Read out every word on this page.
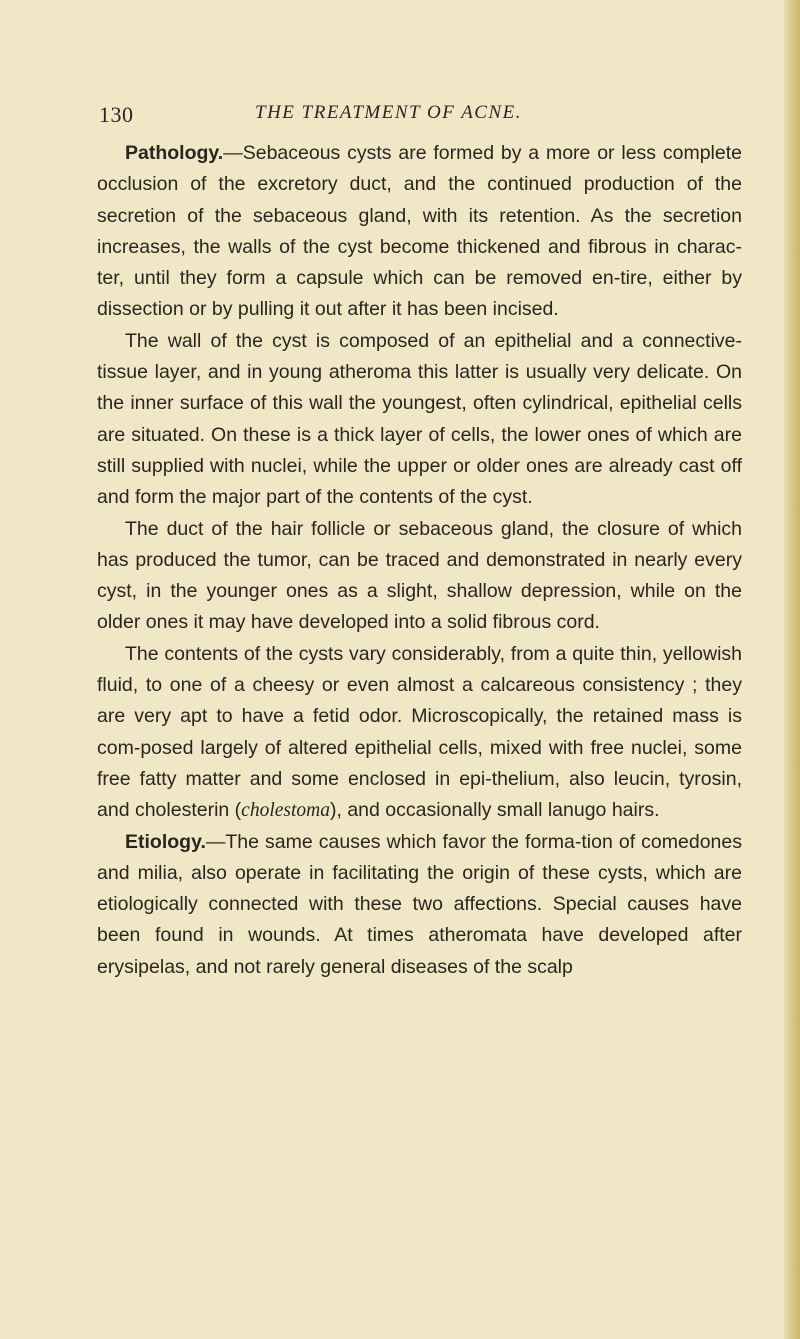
130	THE TREATMENT OF ACNE.

Pathology.—Sebaceous cysts are formed by a more or less complete occlusion of the excretory duct, and the continued production of the secretion of the sebaceous gland, with its retention. As the secretion increases, the walls of the cyst become thickened and fibrous in charac-ter, until they form a capsule which can be removed en-tire, either by dissection or by pulling it out after it has been incised.

The wall of the cyst is composed of an epithelial and a connective-tissue layer, and in young atheroma this latter is usually very delicate. On the inner surface of this wall the youngest, often cylindrical, epithelial cells are situated. On these is a thick layer of cells, the lower ones of which are still supplied with nuclei, while the upper or older ones are already cast off and form the major part of the contents of the cyst.

The duct of the hair follicle or sebaceous gland, the closure of which has produced the tumor, can be traced and demonstrated in nearly every cyst, in the younger ones as a slight, shallow depression, while on the older ones it may have developed into a solid fibrous cord.

The contents of the cysts vary considerably, from a quite thin, yellowish fluid, to one of a cheesy or even almost a calcareous consistency ; they are very apt to have a fetid odor. Microscopically, the retained mass is com-posed largely of altered epithelial cells, mixed with free nuclei, some free fatty matter and some enclosed in epi-thelium, also leucin, tyrosin, and cholesterin (cholestoma), and occasionally small lanugo hairs.

Etiology.—The same causes which favor the forma-tion of comedones and milia, also operate in facilitating the origin of these cysts, which are etiologically connected with these two affections. Special causes have been found in wounds. At times atheromata have developed after erysipelas, and not rarely general diseases of the scalp
